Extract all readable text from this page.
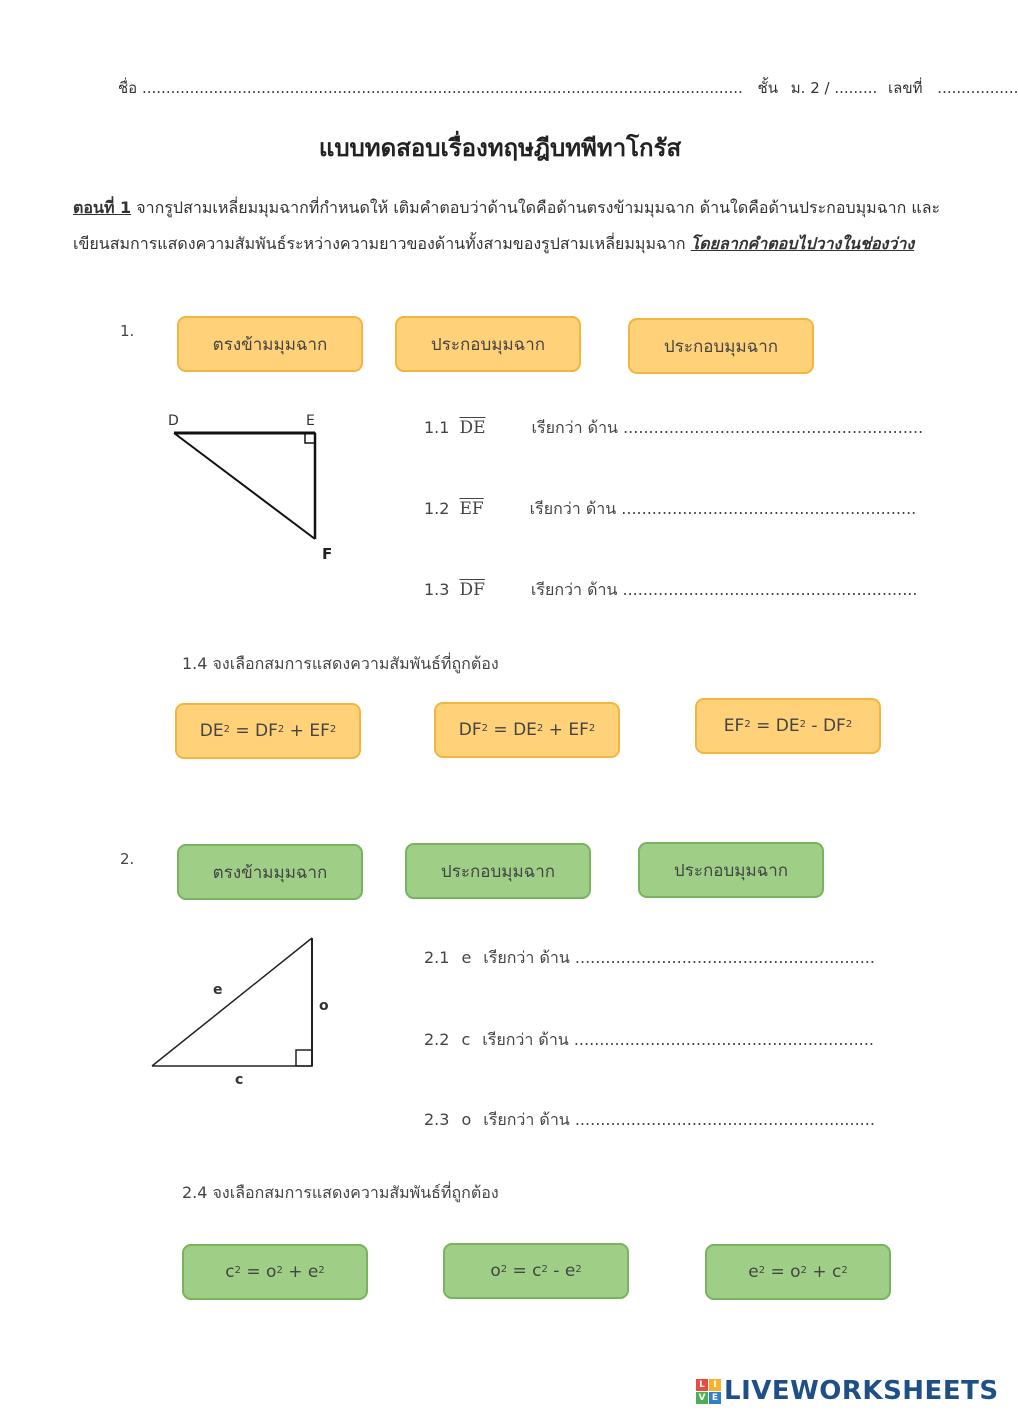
ชื่อ .............................................................................................................................. ชั้น ม. 2 / ......... เลขที่ .................
แบบทดสอบเรื่องทฤษฎีบทพีทาโกรัส
ตอนที่ 1 จากรูปสามเหลี่ยมมุมฉากที่กำหนดให้ เติมคำตอบว่าด้านใดคือด้านตรงข้ามมุมฉาก ด้านใดคือด้านประกอบมุมฉาก และเขียนสมการแสดงความสัมพันธ์ระหว่างความยาวของด้านทั้งสามของรูปสามเหลี่ยมมุมฉาก โดยลากคำตอบไปวางในช่องว่าง
1.
ตรงข้ามมุมฉาก	ประกอบมุมฉาก	ประกอบมุมฉาก
D	E
F
1.1 $\overline{DE}$	เรียกว่า ด้าน ...........................................................
1.2 $\overline{EF}$	เรียกว่า ด้าน ..........................................................
1.3 $\overline{DF}$	เรียกว่า ด้าน ..........................................................
1.4 จงเลือกสมการแสดงความสัมพันธ์ที่ถูกต้อง
$DE^2 = DF^2 + EF^2$	$DF^2 = DE^2 + EF^2$	$EF^2 = DE^2 - DF^2$
2.
ตรงข้ามมุมฉาก	ประกอบมุมฉาก	ประกอบมุมฉาก
e
o
c
2.1 e เรียกว่า ด้าน ...........................................................
2.2 c เรียกว่า ด้าน ...........................................................
2.3 o เรียกว่า ด้าน ...........................................................
2.4 จงเลือกสมการแสดงความสัมพันธ์ที่ถูกต้อง
$c^2 = o^2 + e^2$	$o^2 = c^2 - e^2$	$e^2 = o^2 + c^2$
L I
V E LIVEWORKSHEETS
